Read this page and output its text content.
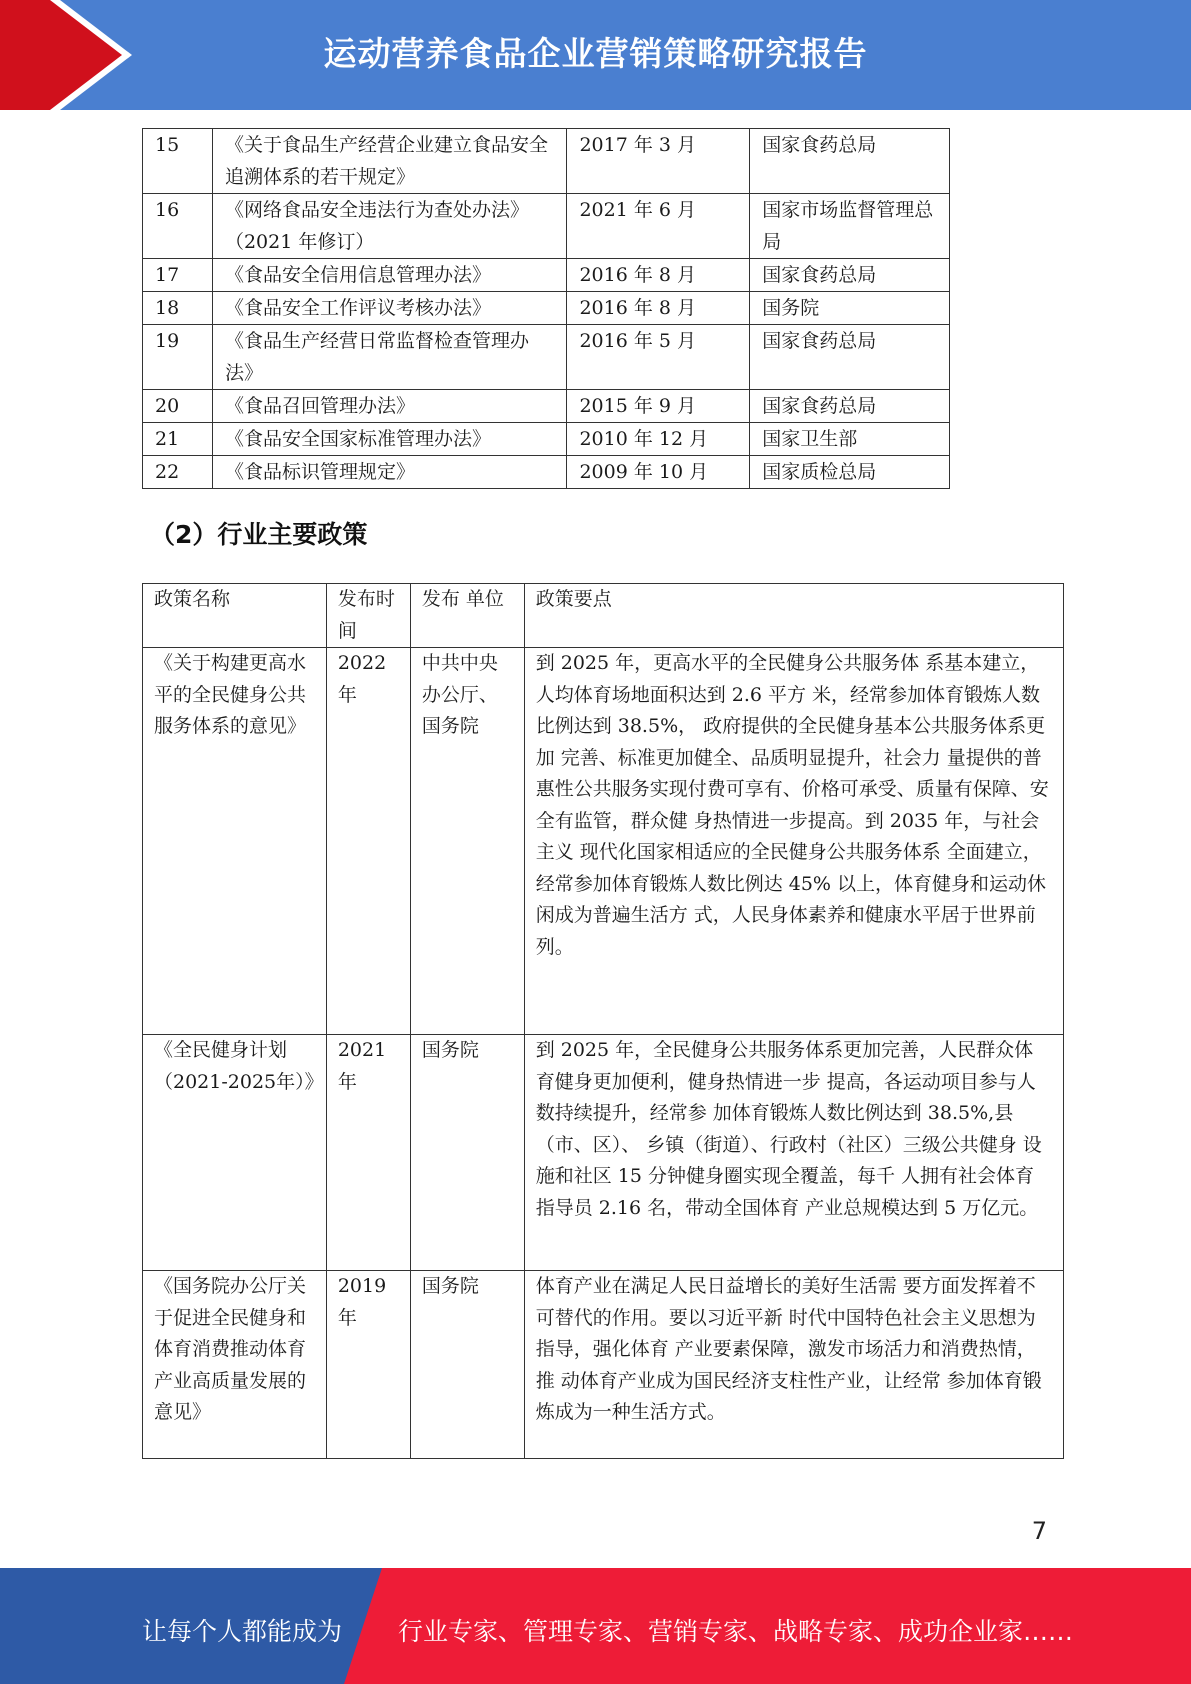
运动营养食品企业营销策略研究报告
15	《关于食品生产经营企业建立食品安全追溯体系的若干规定》	2017 年 3 月	国家食药总局
16	《网络食品安全违法行为查处办法》 （2021 年修订）	2021 年 6 月	国家市场监督管理总局
17	《食品安全信用信息管理办法》	2016 年 8 月	国家食药总局
18	《食品安全工作评议考核办法》	2016 年 8 月	国务院
19	《食品生产经营日常监督检查管理办法》	2016 年 5 月	国家食药总局
20	《食品召回管理办法》	2015 年 9 月	国家食药总局
21	《食品安全国家标准管理办法》	2010 年 12 月	国家卫生部
22	《食品标识管理规定》	2009 年 10 月	国家质检总局
（2）行业主要政策
政策名称	发布时间	发布 单位	政策要点
《关于构建更高水平的全民健身公共服务体系的意见》	2022 年	中共中央办公厅、国务院	到 2025 年，更高水平的全民健身公共服务体 系基本建立，人均体育场地面积达到 2.6 平方 米，经常参加体育锻炼人数比例达到 38.5%， 政府提供的全民健身基本公共服务体系更加 完善、标准更加健全、品质明显提升，社会力 量提供的普惠性公共服务实现付费可享有、价格可承受、质量有保障、安全有监管，群众健 身热情进一步提高。到 2035 年，与社会主义 现代化国家相适应的全民健身公共服务体系 全面建立，经常参加体育锻炼人数比例达 45% 以上，体育健身和运动休闲成为普遍生活方 式，人民身体素养和健康水平居于世界前列。
《全民健身计划（2021-2025年）》	2021 年	国务院	到 2025 年，全民健身公共服务体系更加完善，人民群众体育健身更加便利，健身热情进一步 提高，各运动项目参与人数持续提升，经常参 加体育锻炼人数比例达到 38.5%,县（市、区）、 乡镇（街道）、行政村（社区）三级公共健身 设施和社区 15 分钟健身圈实现全覆盖，每千 人拥有社会体育指导员 2.16 名，带动全国体育 产业总规模达到 5 万亿元。
《国务院办公厅关于促进全民健身和体育消费推动体育产业高质量发展的意见》	2019 年	国务院	体育产业在满足人民日益增长的美好生活需 要方面发挥着不可替代的作用。要以习近平新 时代中国特色社会主义思想为指导，强化体育 产业要素保障，激发市场活力和消费热情，推 动体育产业成为国民经济支柱性产业，让经常 参加体育锻炼成为一种生活方式。
7
让每个人都能成为 行业专家、管理专家、营销专家、战略专家、成功企业家……
